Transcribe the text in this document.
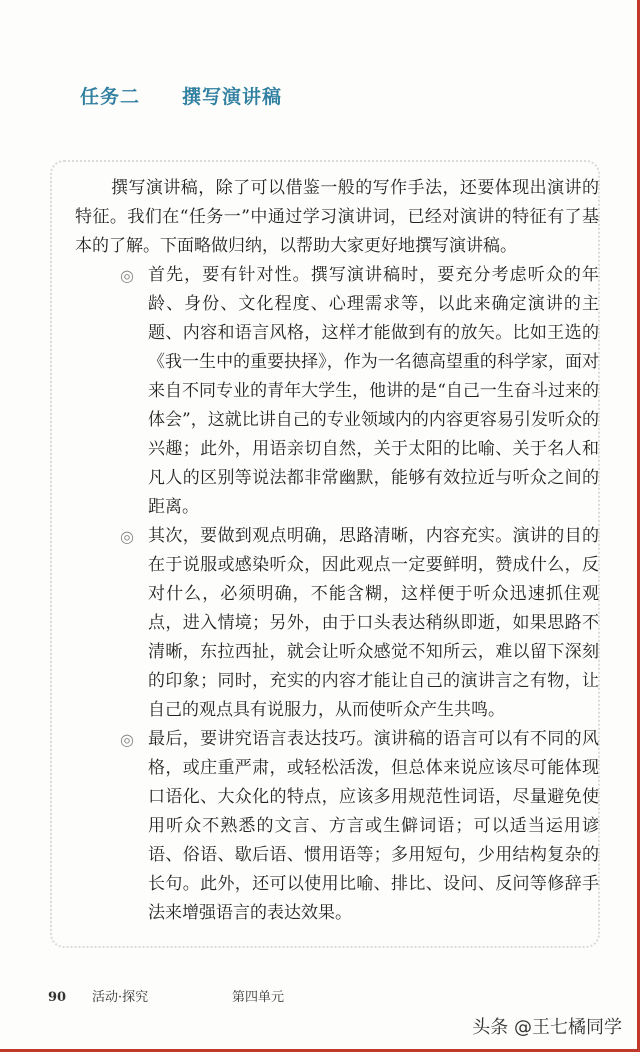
任务二 撰写演讲稿
撰写演讲稿，除了可以借鉴一般的写作手法，还要体现出演讲的特征。我们在“任务一”中通过学习演讲词，已经对演讲的特征有了基本的了解。下面略做归纳，以帮助大家更好地撰写演讲稿。
◎ 首先，要有针对性。撰写演讲稿时，要充分考虑听众的年龄、身份、文化程度、心理需求等，以此来确定演讲的主题、内容和语言风格，这样才能做到有的放矢。比如王选的《我一生中的重要抉择》，作为一名德高望重的科学家，面对来自不同专业的青年大学生，他讲的是“自己一生奋斗过来的体会”，这就比讲自己的专业领域内的内容更容易引发听众的兴趣；此外，用语亲切自然，关于太阳的比喻、关于名人和凡人的区别等说法都非常幽默，能够有效拉近与听众之间的距离。
◎ 其次，要做到观点明确，思路清晰，内容充实。演讲的目的在于说服或感染听众，因此观点一定要鲜明，赞成什么，反对什么，必须明确，不能含糊，这样便于听众迅速抓住观点，进入情境；另外，由于口头表达稍纵即逝，如果思路不清晰，东拉西扯，就会让听众感觉不知所云，难以留下深刻的印象；同时，充实的内容才能让自己的演讲言之有物，让自己的观点具有说服力，从而使听众产生共鸣。
◎ 最后，要讲究语言表达技巧。演讲稿的语言可以有不同的风格，或庄重严肃，或轻松活泼，但总体来说应该尽可能体现口语化、大众化的特点，应该多用规范性词语，尽量避免使用听众不熟悉的文言、方言或生僻词语；可以适当运用谚语、俗语、歇后语、惯用语等；多用短句，少用结构复杂的长句。此外，还可以使用比喻、排比、设问、反问等修辞手法来增强语言的表达效果。
90 活动·探究	第四单元
头条 @王七橘同学
